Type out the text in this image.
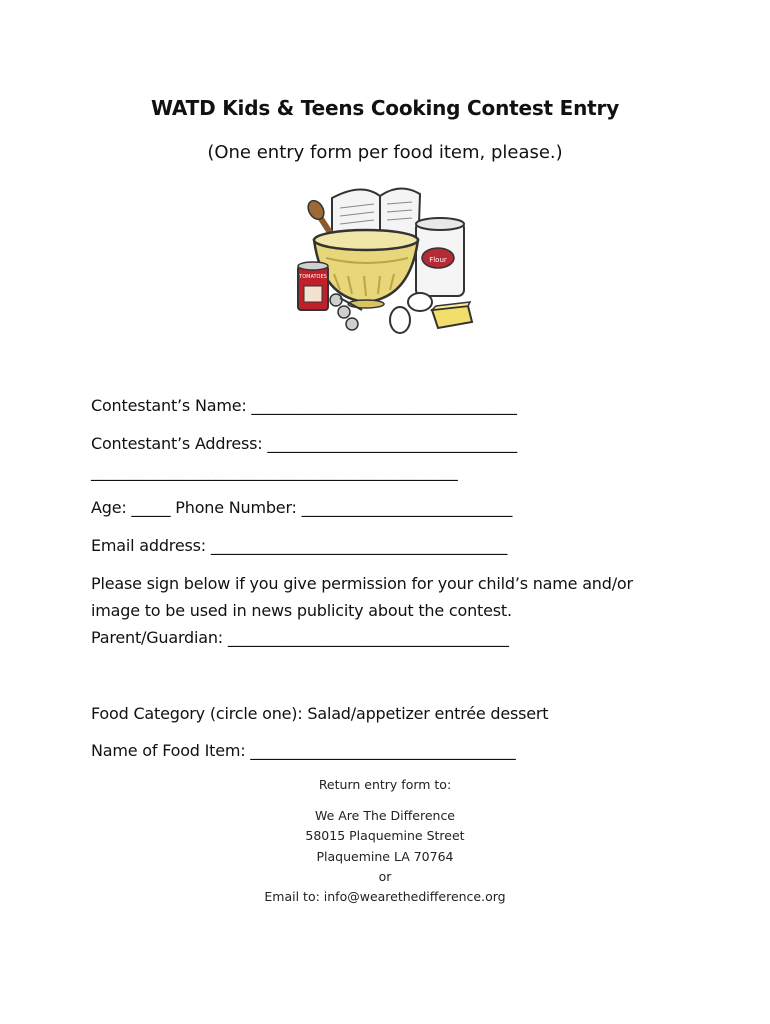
WATD Kids & Teens Cooking Contest Entry
(One entry form per food item, please.)
Flour
TOMATOES
Contestant’s Name: __________________________________
Contestant’s Address: ________________________________
_______________________________________________
Age: _____ Phone Number: ___________________________
Email address: ______________________________________
Please sign below if you give permission for your child’s name and/or
image to be used in news publicity about the contest.
Parent/Guardian: ____________________________________
Food Category (circle one): Salad/appetizer entrée dessert
Name of Food Item: __________________________________
Return entry form to:
We Are The Difference
58015 Plaquemine Street
Plaquemine LA 70764
or
Email to: info@wearethedifference.org
